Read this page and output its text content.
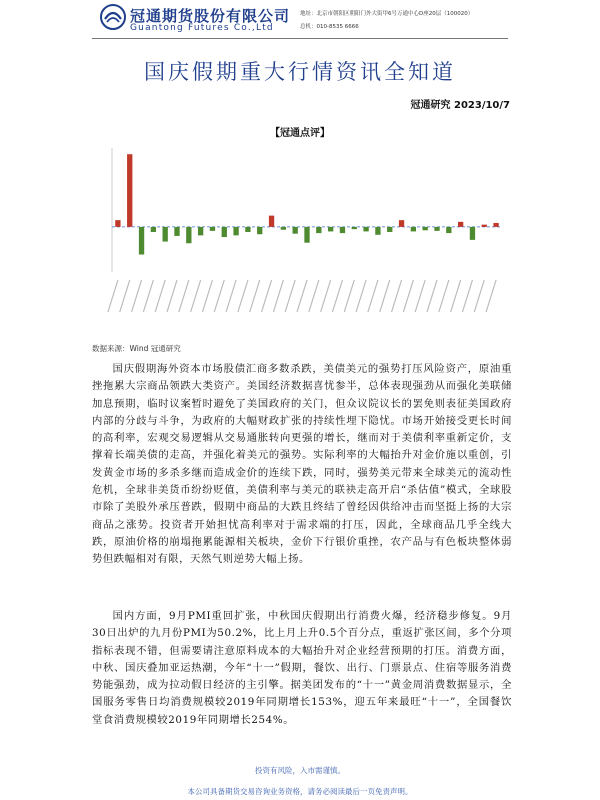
冠通期货股份有限公司
Guantong Futures Co.,Ltd
地址：北京市朝阳区朝阳门外大街甲6号万通中心D座20层（100020）
总机：010-8535 6666
国庆假期重大行情资讯全知道
冠通研究 2023/10/7
【冠通点评】
数据来源：Wind 冠通研究

国庆假期海外资本市场股债汇商多数杀跌，美债美元的强势打压风险资产，原油重挫拖累大宗商品领跌大类资产。美国经济数据喜忧参半，总体表现强劲从而强化美联储加息预期，临时议案暂时避免了美国政府的关门，但众议院议长的罢免则表征美国政府内部的分歧与斗争，为政府的大幅财政扩张的持续性埋下隐忧。市场开始接受更长时间的高利率，宏观交易逻辑从交易通胀转向更强的增长，继而对于美债利率重新定价，支撑着长端美债的走高，并强化着美元的强势。实际利率的大幅抬升对金价施以重创，引发黄金市场的多杀多继而造成金价的连续下跌，同时，强势美元带来全球美元的流动性危机，全球非美货币纷纷贬值，美债利率与美元的联袂走高开启“杀估值”模式，全球股市除了美股外承压普跌，假期中商品的大跌且终结了曾经因供给冲击而坚挺上扬的大宗商品之涨势。投资者开始担忧高利率对于需求端的打压，因此，全球商品几乎全线大跌，原油价格的崩塌拖累能源相关板块，金价下行银价重挫，农产品与有色板块整体弱势但跌幅相对有限，天然气则逆势大幅上扬。

国内方面，9月PMI重回扩张，中秋国庆假期出行消费火爆，经济稳步修复。9月30日出炉的九月份PMI为50.2%，比上月上升0.5个百分点，重返扩张区间，多个分项指标表现不错，但需要请注意原料成本的大幅抬升对企业经营预期的打压。消费方面，中秋、国庆叠加亚运热潮，今年“十一”假期，餐饮、出行、门票景点、住宿等服务消费势能强劲，成为拉动假日经济的主引擎。据美团发布的“十一”黄金周消费数据显示，全国服务零售日均消费规模较2019年同期增长153%，迎五年来最旺“十一”，全国餐饮堂食消费规模较2019年同期增长254%。

投资有风险，入市需谨慎。
本公司具备期货交易咨询业务资格，请务必阅读最后一页免责声明。
